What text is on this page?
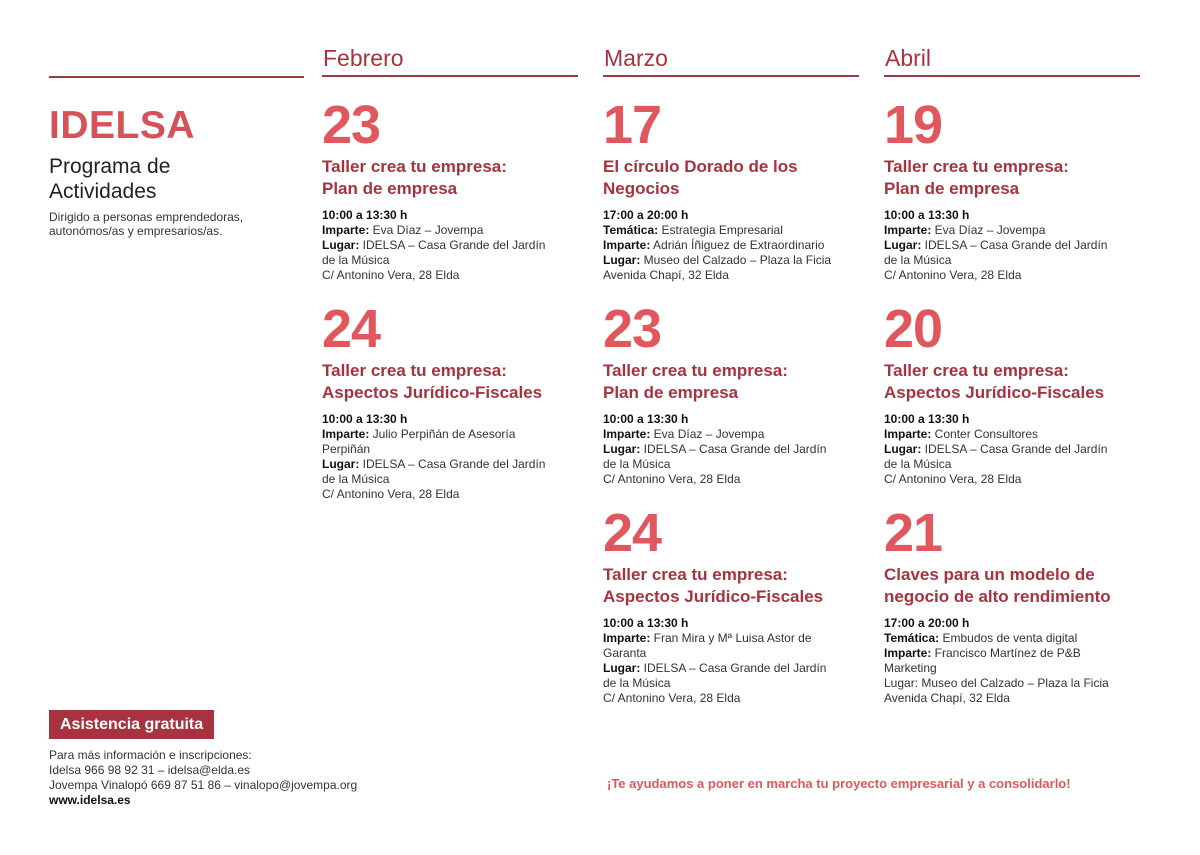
IDELSA
Programa de
Actividades
Dirigido a personas emprendedoras,
autonómos/as y empresarios/as.
Febrero
23
Taller crea tu empresa:
Plan de empresa
10:00 a 13:30 h
Imparte: Eva Díaz – Jovempa
Lugar: IDELSA – Casa Grande del Jardín
de la Música
C/ Antonino Vera, 28 Elda
24
Taller crea tu empresa:
Aspectos Jurídico-Fiscales
10:00 a 13:30 h
Imparte: Julio Perpiñán de Asesoría
Perpiñán
Lugar: IDELSA – Casa Grande del Jardín
de la Música
C/ Antonino Vera, 28 Elda
Marzo
17
El círculo Dorado de los
Negocios
17:00 a 20:00 h
Temática: Estrategia Empresarial
Imparte: Adrián Íñiguez de Extraordinario
Lugar: Museo del Calzado – Plaza la Ficia
Avenida Chapí, 32 Elda
23
Taller crea tu empresa:
Plan de empresa
10:00 a 13:30 h
Imparte: Eva Díaz – Jovempa
Lugar: IDELSA – Casa Grande del Jardín
de la Música
C/ Antonino Vera, 28 Elda
24
Taller crea tu empresa:
Aspectos Jurídico-Fiscales
10:00 a 13:30 h
Imparte: Fran Mira y Mª Luisa Astor de
Garanta
Lugar: IDELSA – Casa Grande del Jardín
de la Música
C/ Antonino Vera, 28 Elda
Abril
19
Taller crea tu empresa:
Plan de empresa
10:00 a 13:30 h
Imparte: Eva Díaz – Jovempa
Lugar: IDELSA – Casa Grande del Jardín
de la Música
C/ Antonino Vera, 28 Elda
20
Taller crea tu empresa:
Aspectos Jurídico-Fiscales
10:00 a 13:30 h
Imparte: Conter Consultores
Lugar: IDELSA – Casa Grande del Jardín
de la Música
C/ Antonino Vera, 28 Elda
21
Claves para un modelo de
negocio de alto rendimiento
17:00 a 20:00 h
Temática: Embudos de venta digital
Imparte: Francisco Martínez de P&B
Marketing
Lugar: Museo del Calzado – Plaza la Ficia
Avenida Chapí, 32 Elda
Asistencia gratuita
Para más información e inscripciones:
Idelsa 966 98 92 31 – idelsa@elda.es
Jovempa Vinalopó 669 87 51 86 – vinalopo@jovempa.org
www.idelsa.es
¡Te ayudamos a poner en marcha tu proyecto empresarial y a consolidarlo!
